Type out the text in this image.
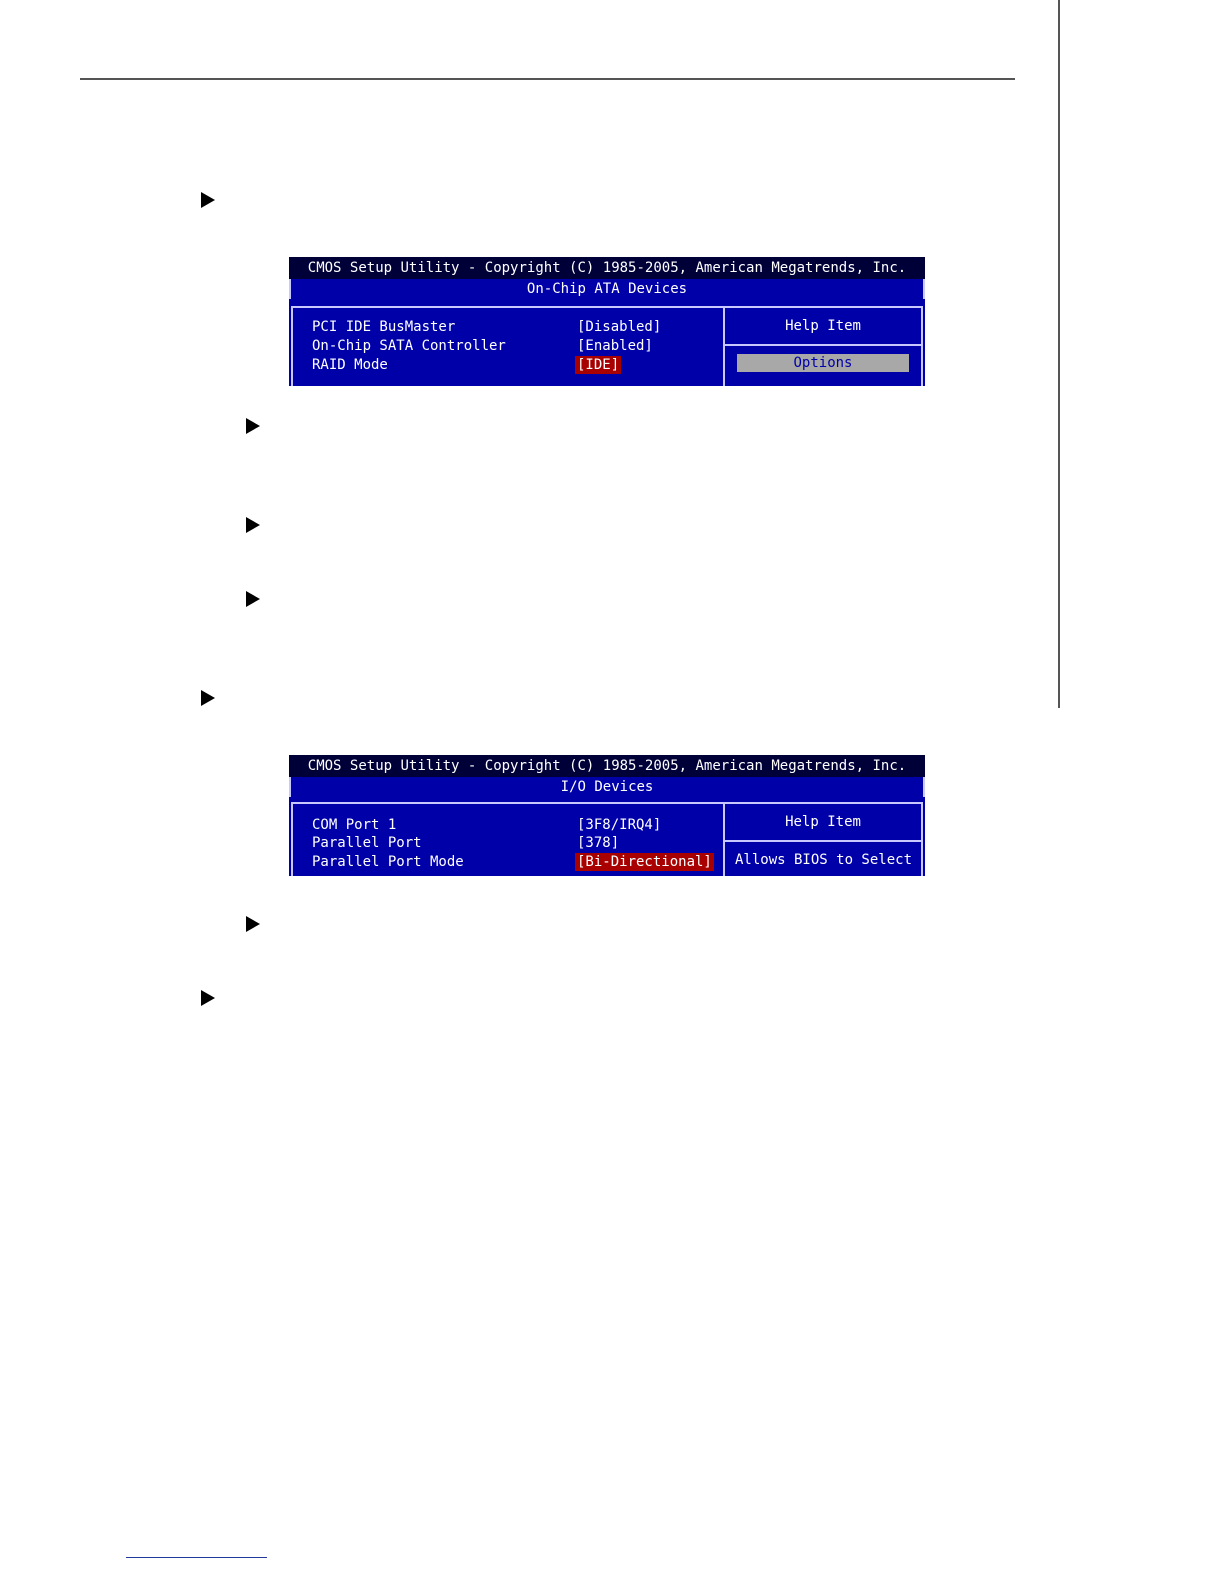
CMOS Setup Utility - Copyright (C) 1985-2005, American Megatrends, Inc.
On-Chip ATA Devices
PCI IDE BusMaster	[Disabled]
On-Chip SATA Controller	[Enabled]
RAID Mode	[IDE]
Help Item
Options
CMOS Setup Utility - Copyright (C) 1985-2005, American Megatrends, Inc.
I/O Devices
COM Port 1	[3F8/IRQ4]
Parallel Port	[378]
Parallel Port Mode	[Bi-Directional]
Help Item
Allows BIOS to Select
